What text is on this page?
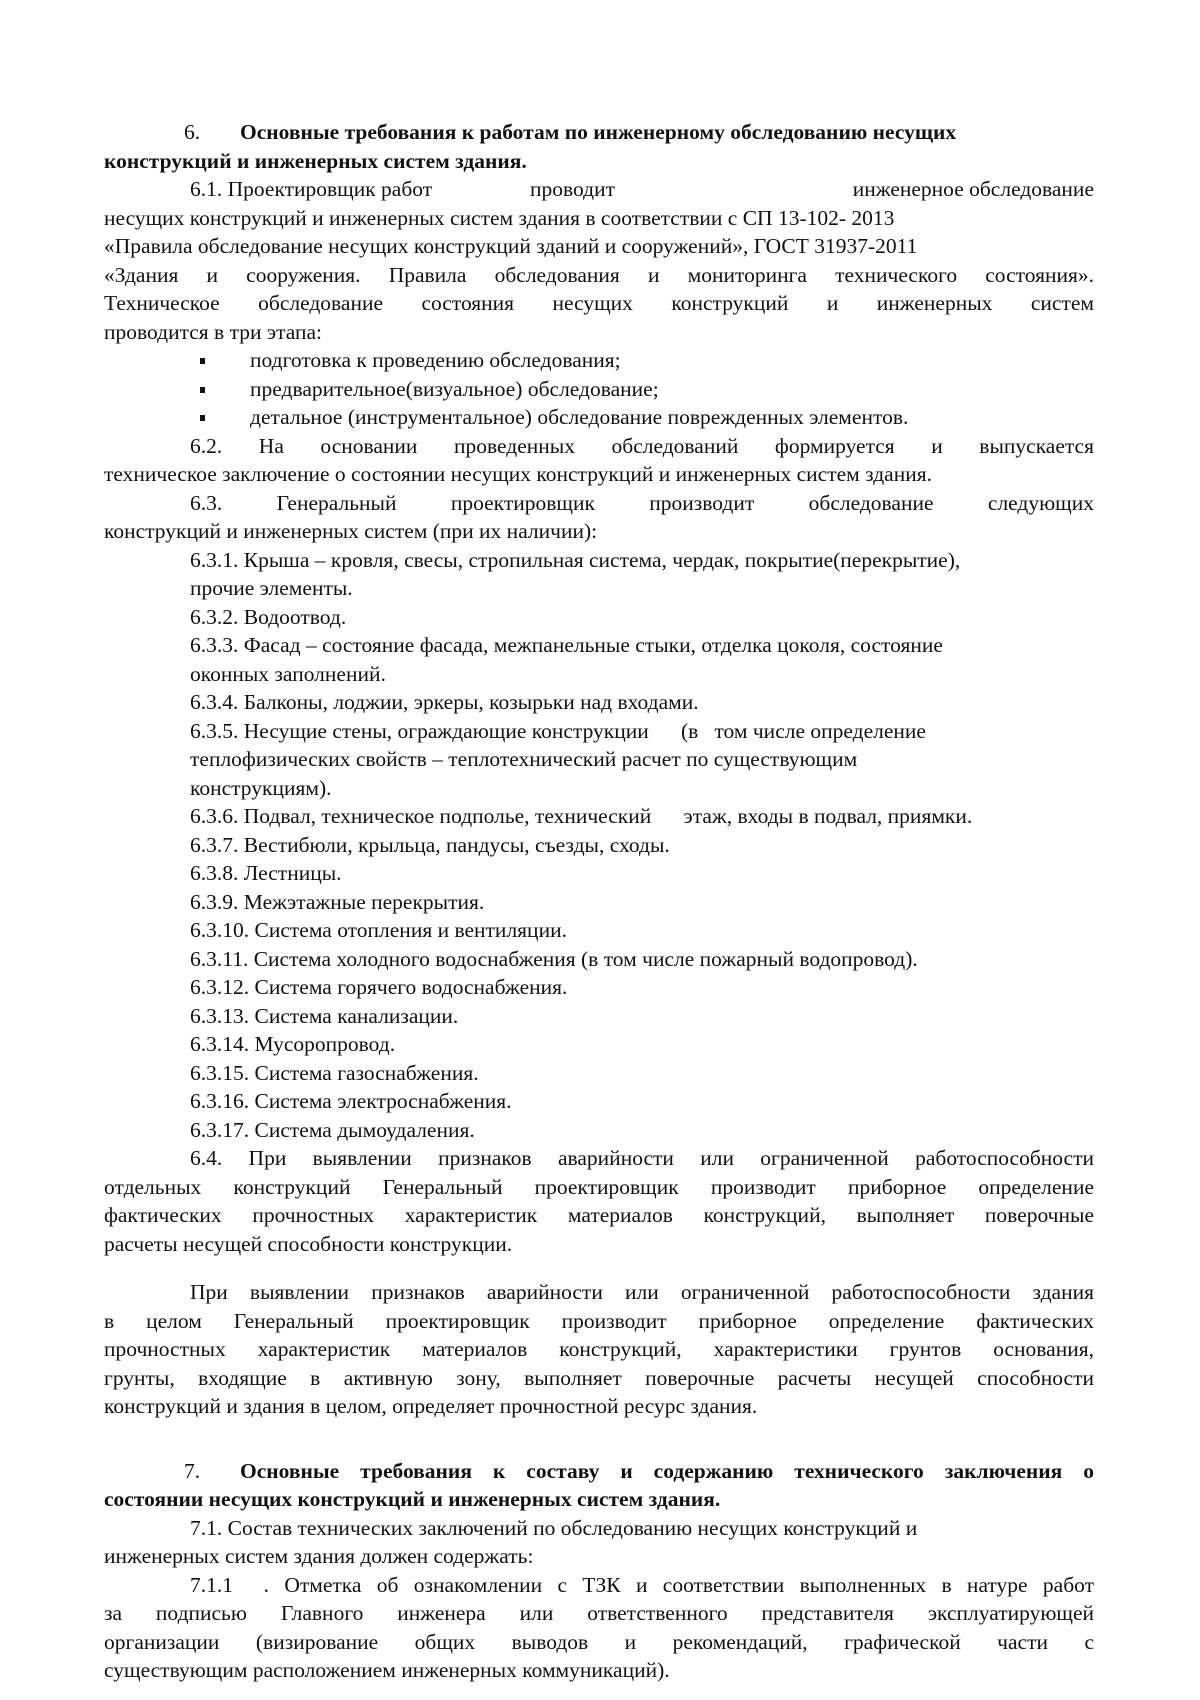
6. Основные требования к работам по инженерному обследованию несущих
конструкций и инженерных систем здания.
6.1. Проектировщик работ	проводит	инженерное обследование

несущих конструкций и инженерных систем здания в соответствии с СП 13-102- 2013

«Правила обследование несущих конструкций зданий и сооружений», ГОСТ 31937-2011

«Здания и сооружения. Правила обследования и мониторинга технического состояния».

Техническое обследование состояния несущих конструкций и инженерных систем

проводится в три этапа:

подготовка к проведению обследования;
предварительное(визуальное) обследование;
детальное (инструментальное) обследование поврежденных элементов.

6.2. На основании проведенных обследований формируется и выпускается

техническое заключение о состоянии несущих конструкций и инженерных систем здания.

6.3. Генеральный проектировщик производит обследование следующих

конструкций и инженерных систем (при их наличии):

6.3.1. Крыша – кровля, свесы, стропильная система, чердак, покрытие(перекрытие),
прочие элементы.
6.3.2. Водоотвод.
6.3.3. Фасад – состояние фасада, межпанельные стыки, отделка цоколя, состояние
оконных заполнений.
6.3.4. Балконы, лоджии, эркеры, козырьки над входами.
6.3.5. Несущие стены, ограждающие конструкции      (в   том числе определение
теплофизических свойств – теплотехнический расчет по существующим
конструкциям).
6.3.6. Подвал, техническое подполье, технический      этаж, входы в подвал, приямки.
6.3.7. Вестибюли, крыльца, пандусы, съезды, сходы.
6.3.8. Лестницы.
6.3.9. Межэтажные перекрытия.
6.3.10. Система отопления и вентиляции.
6.3.11. Система холодного водоснабжения (в том числе пожарный водопровод).
6.3.12. Система горячего водоснабжения.
6.3.13. Система канализации.
6.3.14. Мусоропровод.
6.3.15. Система газоснабжения.
6.3.16. Система электроснабжения.
6.3.17. Система дымоудаления.

6.4. При выявлении признаков аварийности или ограниченной работоспособности

отдельных конструкций Генеральный проектировщик производит приборное определение

фактических прочностных характеристик материалов конструкций, выполняет поверочные

расчеты несущей способности конструкции.

При выявлении признаков аварийности или ограниченной работоспособности здания

в целом Генеральный проектировщик производит приборное определение фактических

прочностных характеристик материалов конструкций, характеристики грунтов основания,

грунты, входящие в активную зону, выполняет поверочные расчеты несущей способности

конструкций и здания в целом, определяет прочностной ресурс здания.

7. Основные требования к составу и содержанию технического заключения о
состоянии несущих конструкций и инженерных систем здания.

7.1. Состав технических заключений по обследованию несущих конструкций и

инженерных систем здания должен содержать:

7.1.1  . Отметка об ознакомлении с ТЗК и соответствии выполненных в натуре работ

за подписью Главного инженера или ответственного представителя эксплуатирующей

организации (визирование общих выводов и рекомендаций, графической части с

существующим расположением инженерных коммуникаций).
